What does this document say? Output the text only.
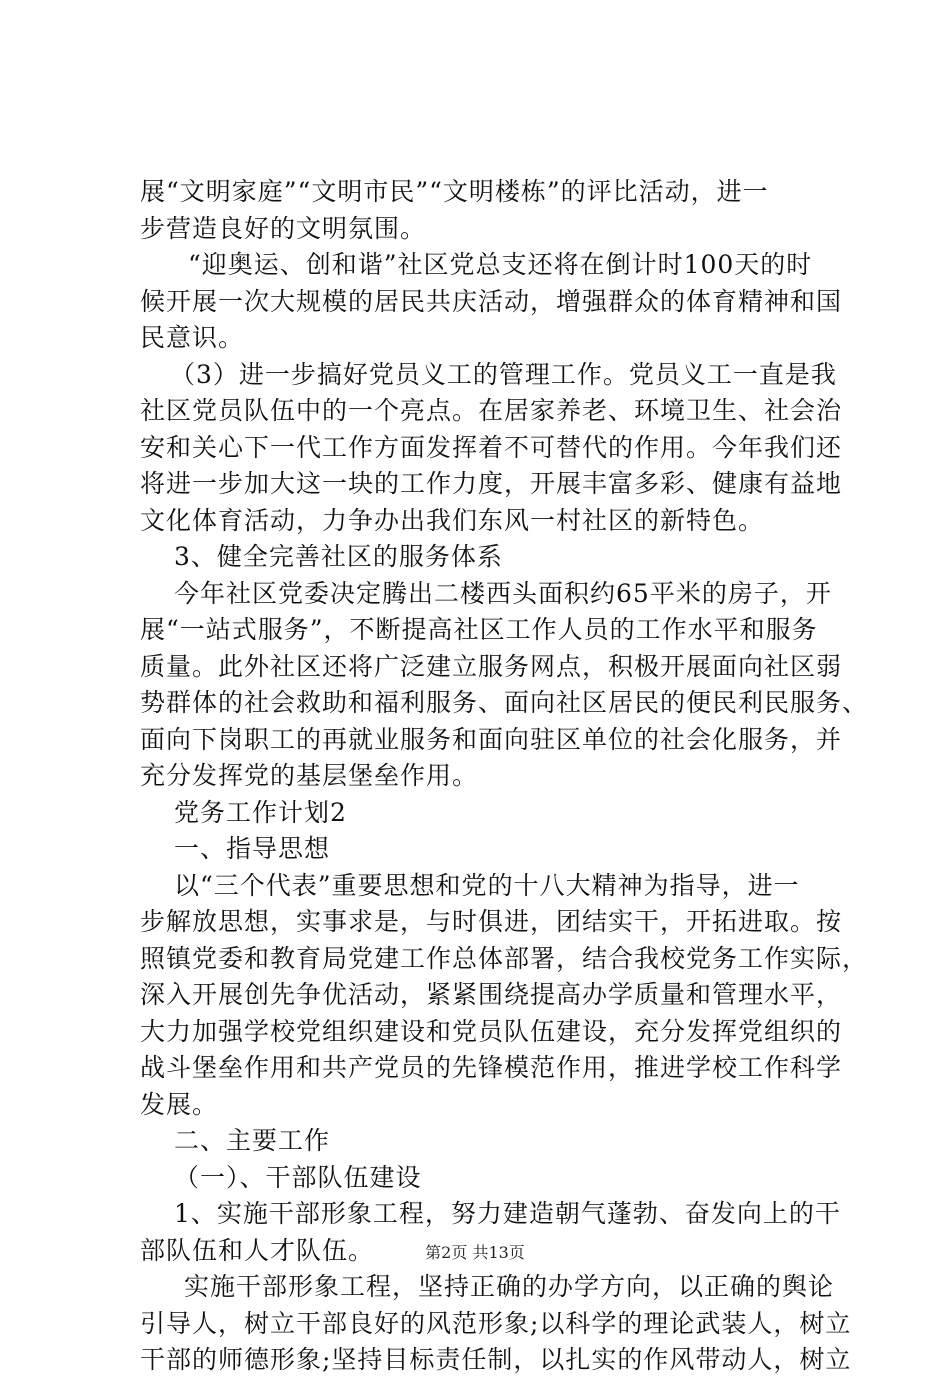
展“文明家庭”“文明市民”“文明楼栋”的评比活动，进一
步营造良好的文明氛围。
“迎奥运、创和谐”社区党总支还将在倒计时100天的时
候开展一次大规模的居民共庆活动，增强群众的体育精神和国
民意识。
（3）进一步搞好党员义工的管理工作。党员义工一直是我
社区党员队伍中的一个亮点。在居家养老、环境卫生、社会治
安和关心下一代工作方面发挥着不可替代的作用。今年我们还
将进一步加大这一块的工作力度，开展丰富多彩、健康有益地
文化体育活动，力争办出我们东风一村社区的新特色。
3、健全完善社区的服务体系
今年社区党委决定腾出二楼西头面积约65平米的房子，开
展“一站式服务”，不断提高社区工作人员的工作水平和服务
质量。此外社区还将广泛建立服务网点，积极开展面向社区弱
势群体的社会救助和福利服务、面向社区居民的便民利民服务、
面向下岗职工的再就业服务和面向驻区单位的社会化服务，并
充分发挥党的基层堡垒作用。
党务工作计划2
一、指导思想
以“三个代表”重要思想和党的十八大精神为指导，进一
步解放思想，实事求是，与时俱进，团结实干，开拓进取。按
照镇党委和教育局党建工作总体部署，结合我校党务工作实际，
深入开展创先争优活动，紧紧围绕提高办学质量和管理水平，
大力加强学校党组织建设和党员队伍建设，充分发挥党组织的
战斗堡垒作用和共产党员的先锋模范作用，推进学校工作科学
发展。
二、主要工作
（一）、干部队伍建设
1、实施干部形象工程，努力建造朝气蓬勃、奋发向上的干
部队伍和人才队伍。
实施干部形象工程，坚持正确的办学方向，以正确的舆论
引导人，树立干部良好的风范形象;以科学的理论武装人，树立
干部的师德形象;坚持目标责任制，以扎实的作风带动人，树立
第2页 共13页
